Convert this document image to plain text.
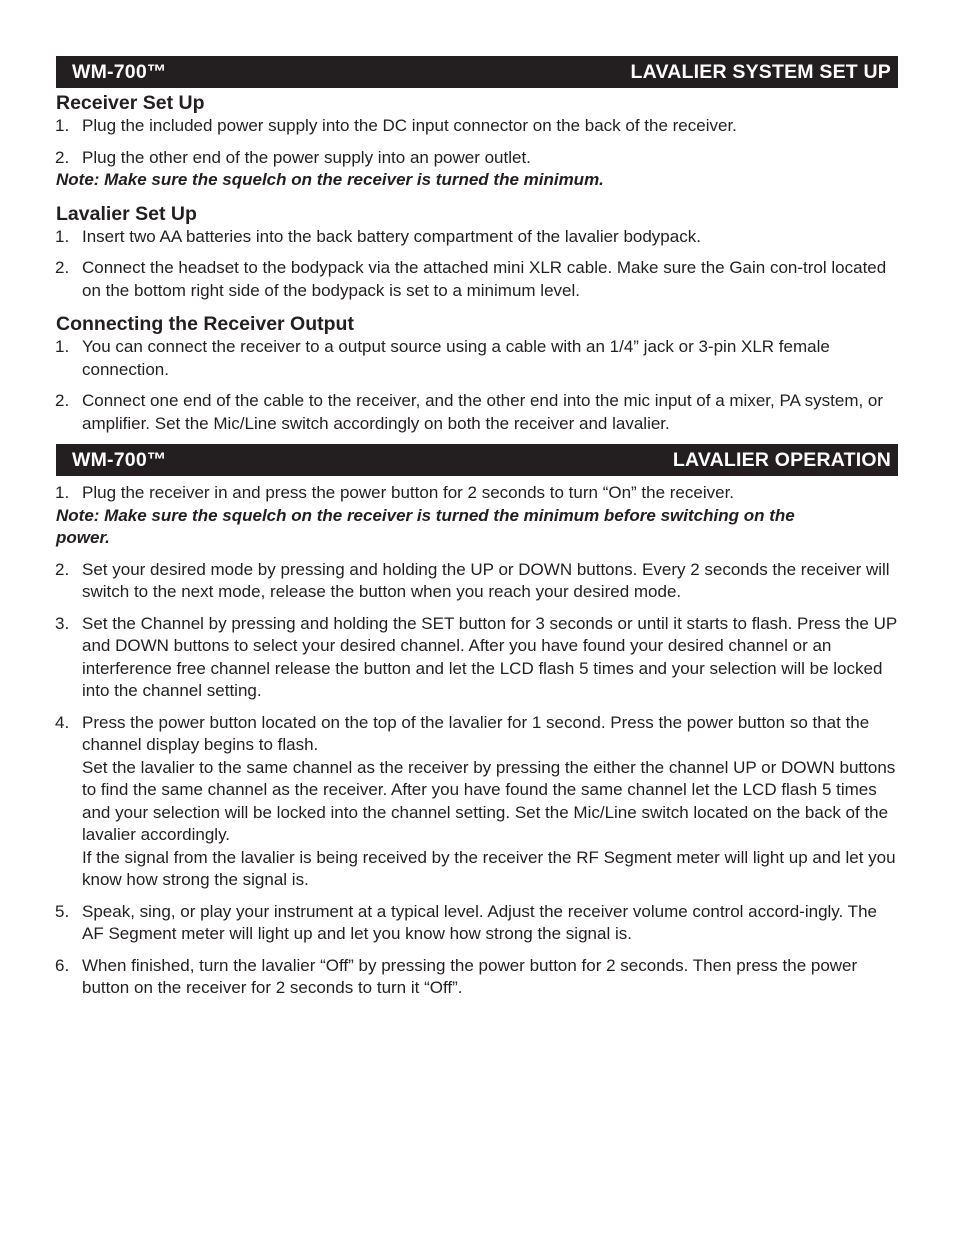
WM-700™	LAVALIER SYSTEM SET UP
Receiver Set Up
1. Plug the included power supply into the DC input connector on the back of the receiver.
2. Plug the other end of the power supply into an power outlet.
Note: Make sure the squelch on the receiver is turned the minimum.
Lavalier Set Up
1. Insert two AA batteries into the back battery compartment of the lavalier bodypack.
2. Connect the headset to the bodypack via the attached mini XLR cable. Make sure the Gain con-trol located on the bottom right side of the bodypack is set to a minimum level.
Connecting the Receiver Output
1. You can connect the receiver to a output source using a cable with an 1/4” jack or 3-pin XLR female connection.
2. Connect one end of the cable to the receiver, and the other end into the mic input of a mixer, PA system, or amplifier. Set the Mic/Line switch accordingly on both the receiver and lavalier.
WM-700™	LAVALIER OPERATION
1. Plug the receiver in and press the power button for 2 seconds to turn “On” the receiver.
Note: Make sure the squelch on the receiver is turned the minimum before switching on the power.
2. Set your desired mode by pressing and holding the UP or DOWN buttons. Every 2 seconds the receiver will switch to the next mode, release the button when you reach your desired mode.
3. Set the Channel by pressing and holding the SET button for 3 seconds or until it starts to flash. Press the UP and DOWN buttons to select your desired channel. After you have found your desired channel or an interference free channel release the button and let the LCD flash 5 times and your selection will be locked into the channel setting.
4. Press the power button located on the top of the lavalier for 1 second. Press the power button so that the channel display begins to flash.
Set the lavalier to the same channel as the receiver by pressing the either the channel UP or DOWN buttons to find the same channel as the receiver. After you have found the same channel let the LCD flash 5 times and your selection will be locked into the channel setting. Set the Mic/Line switch located on the back of the lavalier accordingly.
If the signal from the lavalier is being received by the receiver the RF Segment meter will light up and let you know how strong the signal is.
5. Speak, sing, or play your instrument at a typical level. Adjust the receiver volume control accord-ingly. The AF Segment meter will light up and let you know how strong the signal is.
6. When finished, turn the lavalier “Off” by pressing the power button for 2 seconds. Then press the power button on the receiver for 2 seconds to turn it “Off”.
